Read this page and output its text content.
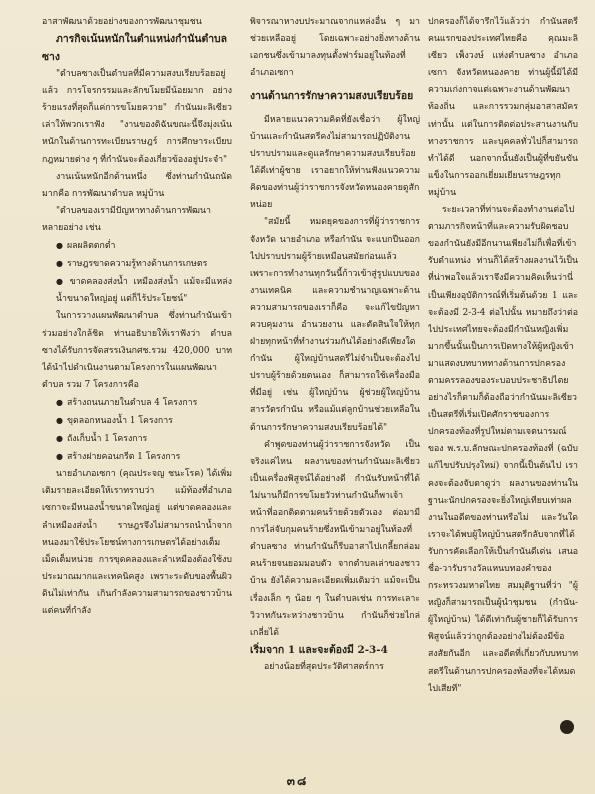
อาสาพัฒนาด้วยอย่างของการพัฒนาชุมชน

ภารกิจเน้นหนักในตำแหน่งกำนันตำบลซาง

"ตำบลซางเป็นตำบลที่มีความสงบเรียบร้อยอยู่แล้ว การโจรกรรมและลักขโมยมีน้อยมาก อย่างร้ายแรงที่สุดก็แค่การขโมยควาย" กำนันมะลิเซียว เล่าให้พวกเราฟัง "งานของดิฉันขณะนี้จึงมุ่งเน้นหนักในด้านการทะเบียนราษฎร์ การศึกษาระเบียบกฎหมายต่าง ๆ ที่กำนันจะต้องเกี่ยวข้องอยู่ประจำ"

งานเน้นหนักอีกด้านหนึ่ง ซึ่งท่านกำนันถนัดมากคือ การพัฒนาตำบล หมู่บ้าน

"ตำบลของเรามีปัญหาทางด้านการพัฒนาหลายอย่าง เช่น

● ผลผลิตตกต่ำ

● ราษฎรขาดความรู้ทางด้านการเกษตร

● ขาดคลองส่งน้ำ เหมืองส่งน้ำ แม้จะมีแหล่งน้ำขนาดใหญ่อยู่ แต่ก็ไร้ประโยชน์"

ในการวางแผนพัฒนาตำบล ซึ่งท่านกำนันเข้าร่วมอย่างใกล้ชิด ท่านอธิบายให้เราฟังว่า ตำบลซางได้รับการจัดสรรเงินกศช.รวม 420,000 บาท ได้นำไปดำเนินงานตามโครงการในแผนพัฒนาตำบล รวม 7 โครงการคือ

● สร้างถนนภายในตำบล 4 โครงการ

● ขุดลอกหนองน้ำ 1 โครงการ

● ถังเก็บน้ำ 1 โครงการ

● สร้างฝายคอนกรีต 1 โครงการ

นายอำเภอเซกา (คุณประจญ ชนะโรค) ได้เพิ่มเติมรายละเอียดให้เราทราบว่า แม้ท้องที่อำเภอเซกาจะมีหนองน้ำขนาดใหญ่อยู่ แต่ขาดคลองและลำเหมืองส่งน้ำ ราษฎรจึงไม่สามารถนำน้ำจากหนองมาใช้ประโยชน์ทางการเกษตรได้อย่างเต็มเม็ดเต็มหน่วย การขุดคลองและลำเหมืองต้องใช้งบประมาณมากและเทคนิคสูง เพราะระดับของพื้นผิวดินไม่เท่ากัน เกินกำลังความสามารถของชาวบ้าน แต่คนที่กำลัง

พิจารณาหางบประมาณจากแหล่งอื่น ๆ มาช่วยเหลืออยู่ โดยเฉพาะอย่างยิ่งทางด้านเอกชนซึ่งเข้ามาลงทุนตั้งฟาร์มอยู่ในท้องที่อำเภอเซกา

งานด้านการรักษาความสงบเรียบร้อย

มีหลายแนวความคิดที่ยังเชื่อว่า ผู้ใหญ่บ้านและกำนันสตรีคงไม่สามารถปฏิบัติงานปราบปรามและดูแลรักษาความสงบเรียบร้อยได้ดีเท่าผู้ชาย เราอยากให้ท่านฟังแนวความคิดของท่านผู้ว่าราชการจังหวัดหนองคายดูสักหน่อย

"สมัยนี้ หมดยุคของการที่ผู้ว่าราชการจังหวัด นายอำเภอ หรือกำนัน จะแบกปืนออกไปปราบปรามผู้ร้ายเหมือนสมัยก่อนแล้ว เพราะการทำงานทุกวันนี้ก้าวเข้าสู่รูปแบบของงานเทคนิค และความชำนาญเฉพาะด้าน ความสามารถของเราก็คือ จะแก้ไขปัญหา ควบคุมงาน อำนวยงาน และตัดสินใจให้ทุกฝ่ายทุกหน้าที่ทำงานร่วมกันได้อย่างดีเพียงใด กำนัน ผู้ใหญ่บ้านสตรีไม่จำเป็นจะต้องไปปราบผู้ร้ายด้วยตนเอง ก็สามารถใช้เครื่องมือที่มีอยู่ เช่น ผู้ใหญ่บ้าน ผู้ช่วยผู้ใหญ่บ้าน สารวัตรกำนัน หรือแม้แต่ลูกบ้านช่วยเหลือในด้านการรักษาความสงบเรียบร้อยได้"

คำพูดของท่านผู้ว่าราชการจังหวัด เป็นจริงแค่ไหน ผลงานของท่านกำนันมะลิเซียว เป็นเครื่องพิสูจน์ได้อย่างดี กำนันรับหน้าที่ได้ไม่นานก็มีการขโมยวัวท่านกำนันก็พาเจ้าหน้าที่ออกติดตามคนร้ายด้วยตัวเอง ต่อมามีการไล่จับกุมคนร้ายซึ่งหนีเข้ามาอยู่ในท้องที่ตำบลซาง ท่านกำนันก็รีบอาสาไปเกลี้ยกล่อมคนร้ายจนยอมมอบตัว จากตำบลเล่าของชาวบ้าน ยังได้ความละเอียดเพิ่มเติมว่า แม้จะเป็นเรื่องเล็ก ๆ น้อย ๆ ในตำบลเช่น การทะเลาะวิวาทกันระหว่างชาวบ้าน กำนันก็ช่วยไกล่เกลี่ยได้

เริ่มจาก 1 และจะต้องมี 2-3-4

อย่างน้อยที่สุดประวัติศาสตร์การ

ปกครองก็ได้จารึกไว้แล้วว่า กำนันสตรีคนแรกของประเทศไทยคือ คุณมะลิเซียว เพ็งวงษ์ แห่งตำบลซาง อำเภอเซกา จังหวัดหนองคาย ท่านผู้นี้มิได้มีความเก่งกาจแต่เฉพาะงานด้านพัฒนาท้องถิ่น และการรวมกลุ่มอาสาสมัครเท่านั้น แต่ในการติดต่อประสานงานกับทางราชการ และบุคคลทั่วไปก็สามารถทำได้ดี นอกจากนั้นยังเป็นผู้ที่ขยันขันแข็งในการออกเยี่ยมเยียนราษฎรทุกหมู่บ้าน

ระยะเวลาที่ท่านจะต้องทำงานต่อไปตามภารกิจหน้าที่และความรับผิดชอบของกำนันยังมีอีกนานเพียงไม่ก็เพื่อที่เข้ารับตำแหน่ง ท่านก็ได้สร้างผลงานไว้เป็นที่น่าพอใจแล้วเราจึงมีความคิดเห็นว่านี่เป็นเพียงอุบัติการณ์ที่เริ่มต้นด้วย 1 และจะต้องมี 2-3-4 ต่อไปนั้น หมายถึงว่าต่อไปประเทศไทยจะต้องมีกำนันหญิงเพิ่มมากขึ้นนั้นเป็นการเปิดทางให้ผู้หญิงเข้ามาแสดงบทบาททางด้านการปกครองตามครรลองของระบอบประชาธิปไตย อย่างไรก็ตามก็ต้องถือว่ากำนันมะลิเซียว เป็นสตรีที่เริ่มเปิดศักราชของการปกครองท้องที่รูปใหม่ตามเจตนารมณ์ของ พ.ร.บ.ลักษณะปกครองท้องที่ (ฉบับแก้ไขปรับปรุงใหม่) จากนี้เป็นต้นไป เราคงจะต้องจับตาดูว่า ผลงานของท่านในฐานะนักปกครองจะยิ่งใหญ่เทียบเท่าผลงานในอดีตของท่านหรือไม่ และวันใดเราจะได้พบผู้ใหญ่บ้านสตรีกลับจากที่ได้รับการคัดเลือกให้เป็นกำนันดีเด่น เสนอชื่อ-วารับรางวัลแหนบทองคำของกระทรวงมหาดไทย สมมุติฐานที่ว่า "ผู้หญิงก็สามารถเป็นผู้นำชุมชน (กำนัน-ผู้ใหญ่บ้าน) ได้ดีเท่ากับผู้ชายก็ได้รับการพิสูจน์แล้วว่าถูกต้องอย่างไม่ต้องมีข้อสงสัยกันอีก และอดีตที่เกี่ยวกับบทบาทสตรีในด้านการปกครองท้องที่จะได้หมดไปเสียที"

๓๘
